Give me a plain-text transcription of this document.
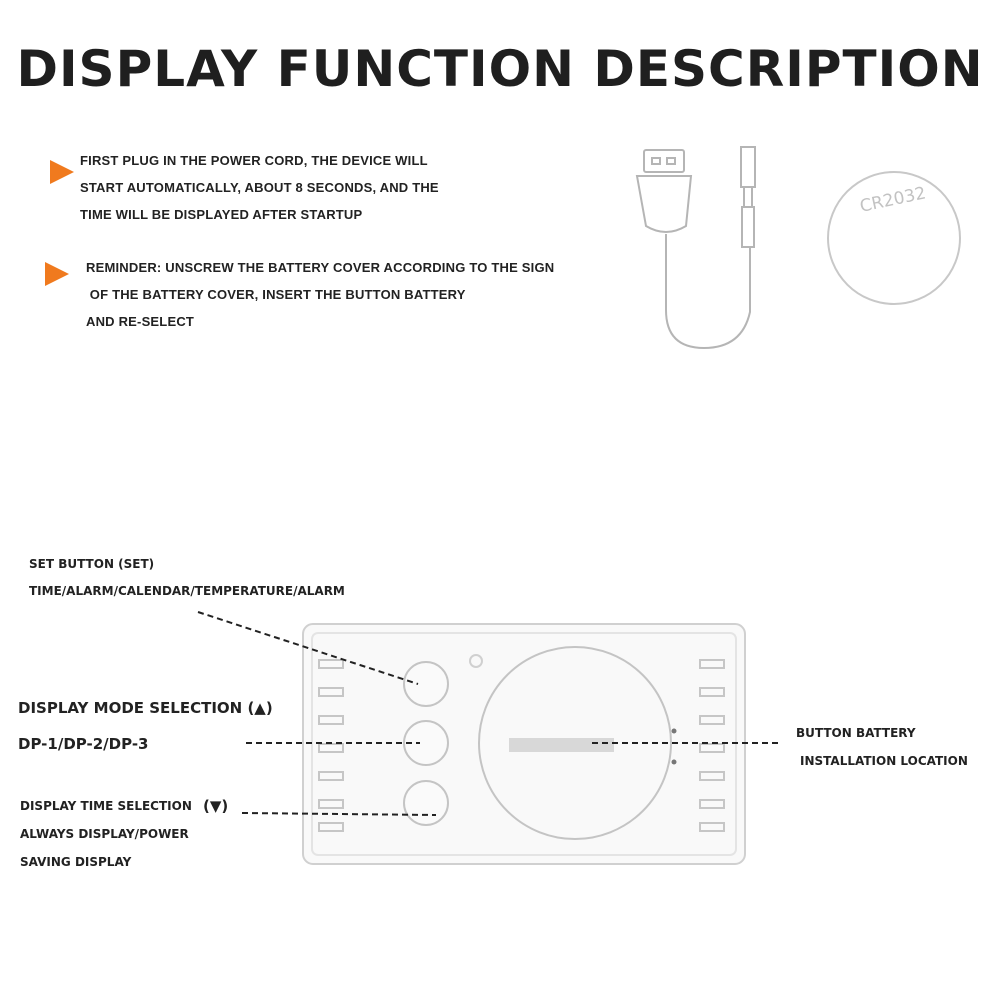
DISPLAY FUNCTION DESCRIPTION
FIRST PLUG IN THE POWER CORD, THE DEVICE WILL
START AUTOMATICALLY, ABOUT 8 SECONDS, AND THE
TIME WILL BE DISPLAYED AFTER STARTUP
REMINDER: UNSCREW THE BATTERY COVER ACCORDING TO THE SIGN
OF THE BATTERY COVER, INSERT THE BUTTON BATTERY
AND RE-SELECT
CR2032
SET BUTTON (SET)
TIME/ALARM/CALENDAR/TEMPERATURE/ALARM
DISPLAY MODE SELECTION (▲)
DP-1/DP-2/DP-3
DISPLAY TIME SELECTION (▼)
ALWAYS DISPLAY/POWER
SAVING DISPLAY
BUTTON BATTERY
INSTALLATION LOCATION
